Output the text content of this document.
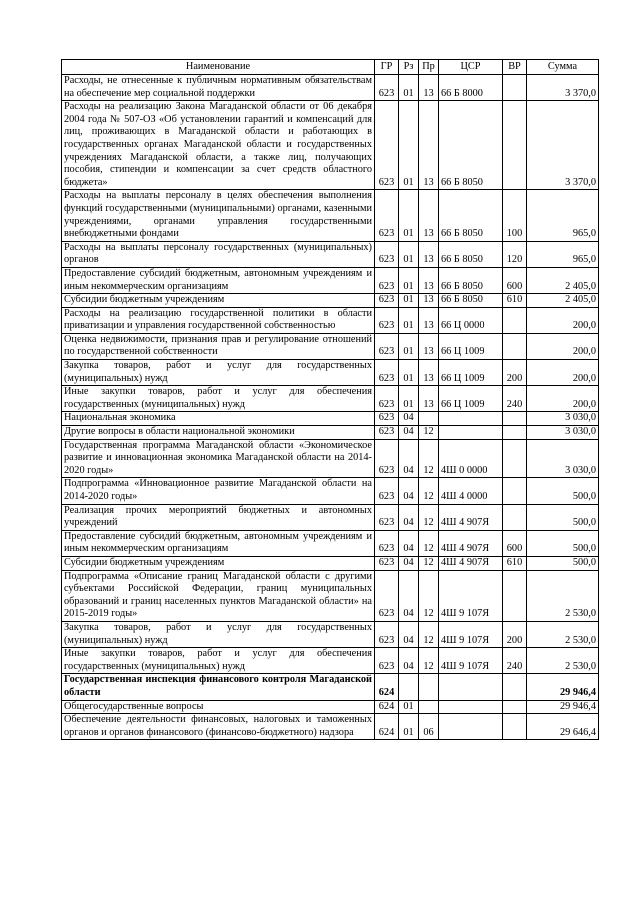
Наименование	ГР	Рз	Пр	ЦСР	ВР	Сумма
Расходы, не отнесенные к публичным нормативным обязательствам на обеспечение мер социальной поддержки	623	01	13	66 Б 8000		3 370,0
Расходы на реализацию Закона Магаданской области от 06 декабря 2004 года № 507-ОЗ «Об установлении гарантий и компенсаций для лиц, проживающих в Магаданской области и работающих в государственных органах Магаданской области и государственных учреждениях Магаданской области, а также лиц, получающих пособия, стипендии и компенсации за счет средств областного бюджета»	623	01	13	66 Б 8050		3 370,0
Расходы на выплаты персоналу в целях обеспечения выполнения функций государственными (муниципальными) органами, казенными учреждениями, органами управления государственными внебюджетными фондами	623	01	13	66 Б 8050	100	965,0
Расходы на выплаты персоналу государственных (муниципальных) органов	623	01	13	66 Б 8050	120	965,0
Предоставление субсидий бюджетным, автономным учреждениям и иным некоммерческим организациям	623	01	13	66 Б 8050	600	2 405,0
Субсидии бюджетным учреждениям	623	01	13	66 Б 8050	610	2 405,0
Расходы на реализацию государственной политики в области приватизации и управления государственной собственностью	623	01	13	66 Ц 0000		200,0
Оценка недвижимости, признания прав и регулирование отношений по государственной собственности	623	01	13	66 Ц 1009		200,0
Закупка товаров, работ и услуг для государственных (муниципальных) нужд	623	01	13	66 Ц 1009	200	200,0
Иные закупки товаров, работ и услуг для обеспечения государственных (муниципальных) нужд	623	01	13	66 Ц 1009	240	200,0
Национальная экономика	623	04				3 030,0
Другие вопросы в области национальной экономики	623	04	12			3 030,0
Государственная программа Магаданской области «Экономическое развитие и инновационная экономика Магаданской области на 2014-2020 годы»	623	04	12	4Ш 0 0000		3 030,0
Подпрограмма «Инновационное развитие Магаданской области на 2014-2020 годы»	623	04	12	4Ш 4 0000		500,0
Реализация прочих мероприятий бюджетных и автономных учреждений	623	04	12	4Ш 4 907Я		500,0
Предоставление субсидий бюджетным, автономным учреждениям и иным некоммерческим организациям	623	04	12	4Ш 4 907Я	600	500,0
Субсидии бюджетным учреждениям	623	04	12	4Ш 4 907Я	610	500,0
Подпрограмма «Описание границ Магаданской области с другими субъектами Российской Федерации, границ муниципальных образований и границ населенных пунктов Магаданской области» на 2015-2019 годы»	623	04	12	4Ш 9 107Я		2 530,0
Закупка товаров, работ и услуг для государственных (муниципальных) нужд	623	04	12	4Ш 9 107Я	200	2 530,0
Иные закупки товаров, работ и услуг для обеспечения государственных (муниципальных) нужд	623	04	12	4Ш 9 107Я	240	2 530,0
Государственная инспекция финансового контроля Магаданской области	624					29 946,4
Общегосударственные вопросы	624	01				29 946,4
Обеспечение деятельности финансовых, налоговых и таможенных органов и органов финансового (финансово-бюджетного) надзора	624	01	06			29 646,4
